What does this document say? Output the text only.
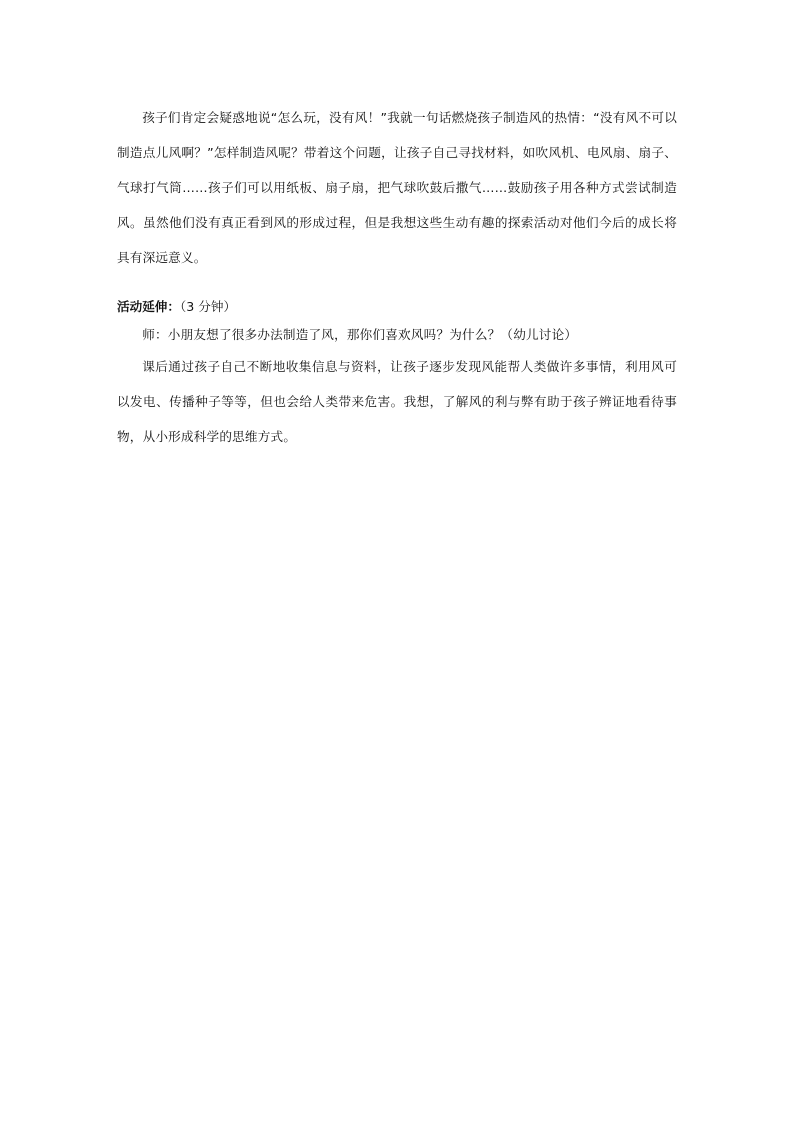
孩子们肯定会疑惑地说“怎么玩，没有风！”我就一句话燃烧孩子制造风的热情：“没有风不可以制造点儿风啊？”怎样制造风呢？带着这个问题，让孩子自己寻找材料，如吹风机、电风扇、扇子、气球打气筒……孩子们可以用纸板、扇子扇，把气球吹鼓后撒气……鼓励孩子用各种方式尝试制造风。虽然他们没有真正看到风的形成过程，但是我想这些生动有趣的探索活动对他们今后的成长将具有深远意义。

活动延伸：（3 分钟）

师：小朋友想了很多办法制造了风，那你们喜欢风吗？为什么？（幼儿讨论）

课后通过孩子自己不断地收集信息与资料，让孩子逐步发现风能帮人类做许多事情，利用风可以发电、传播种子等等，但也会给人类带来危害。我想，了解风的利与弊有助于孩子辨证地看待事物，从小形成科学的思维方式。
